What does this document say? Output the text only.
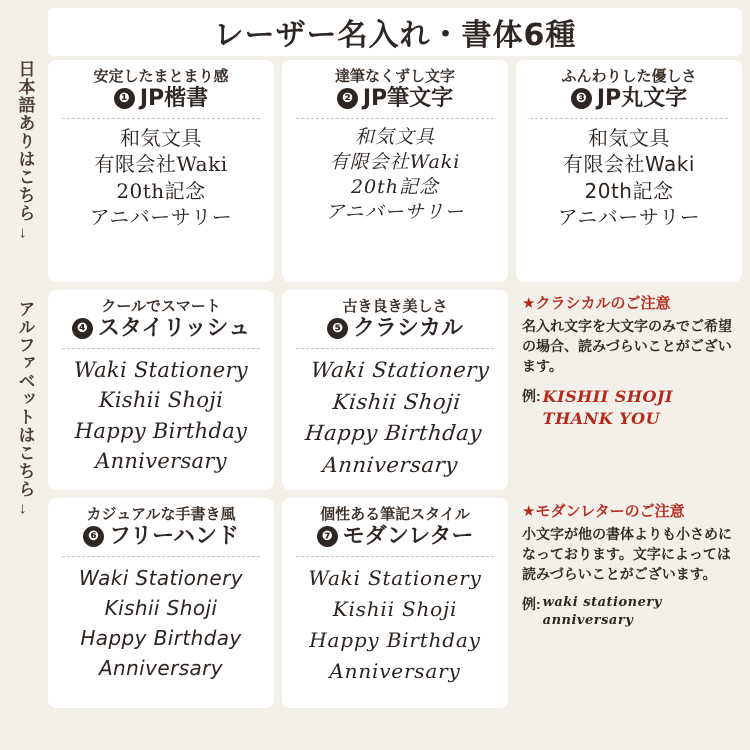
レーザー名入れ・書体6種
日本語ありはこちら
→
アルファベットはこちら
→
安定したまとまり感
❶ JP楷書
和気文具
有限会社Waki
20th記念
アニバーサリー
達筆なくずし文字
❷ JP筆文字
和気文具
有限会社Waki
20th記念
アニバーサリー
ふんわりした優しさ
❸ JP丸文字
和気文具
有限会社Waki
20th記念
アニバーサリー
クールでスマート
❹ スタイリッシュ
Waki Stationery
Kishii Shoji
Happy Birthday
Anniversary
古き良き美しさ
❺ クラシカル
Waki Stationery
Kishii Shoji
Happy Birthday
Anniversary
★クラシカルのご注意
名入れ文字を大文字のみでご希望の場合、読みづらいことがございます。
例: KISHII SHOJI
THANK YOU
カジュアルな手書き風
❻ フリーハンド
Waki Stationery
Kishii Shoji
Happy Birthday
Anniversary
個性ある筆記スタイル
❼ モダンレター
Waki Stationery
Kishii Shoji
Happy Birthday
Anniversary
★モダンレターのご注意
小文字が他の書体よりも小さめになっております。文字によっては読みづらいことがございます。
例: waki stationery
anniversary
